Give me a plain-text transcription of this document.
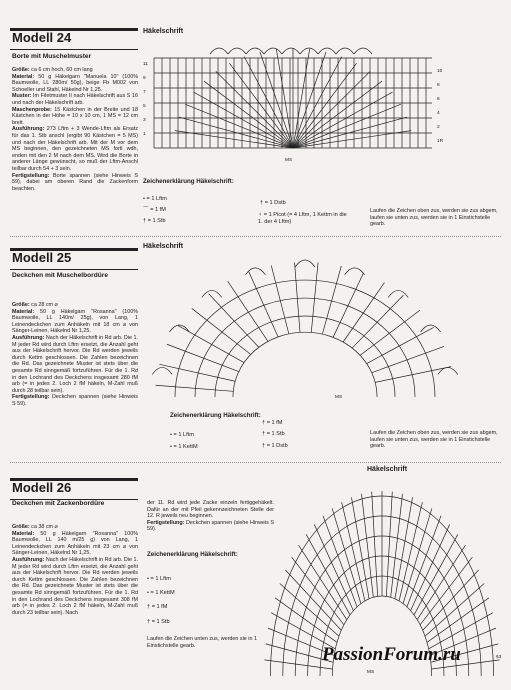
Modell 24
Borte mit Muschelmuster
Größe: ca 6 cm hoch, 60 cm lang
Material: 50 g Häkelgarn "Manuela 10" (100% Baumwolle, LL 280m/ 50g), beige Fb M002 von Schoeller und Stahl, Häkelnd Nr 1,25.
Muster: Im Filetmuster II nach Häkelschrift aus S 16 und nach der Häkelschrift arb.
Maschenprobe: 15 Kästchen in der Breite und 18 Kästchen in der Höhe = 10 x 10 cm, 1 MS = 12 cm breit.
Ausführung: 273 Lftm + 3 Wende-Lftm als Ersatz für das 1. Stb anschl (ergibt 90 Kästchen = 5 MS) und nach der Häkelschrift arb. Mit der M vor dem MS beginnen, den gezeichneten MS fortl wdh, enden mit den 2 M nach dem MS. Wird die Borte in anderer Länge gewünscht, so muß der Lftm-Anschl teilbar durch 54 + 3 sein.
Fertigstellung: Borte spannen (siehe Hinweis S 59), dabei am oberen Rand die Zackenform beachten.
Häkelschrift
11
9
7
5
3
1
10
8
6
4
2
1R
MS
Zeichenerklärung Häkelschrift:
• = 1 Lftm
⌒ = 1 fM
† = 1 Stb
† = 1 Dstb
♀ = 1 Picot (= 4 Lftm, 1 Kettm in die 1. der 4 Lftm)
Laufen die Zeichen oben zus, werden sie zus abgem, laufen sie unten zus, werden sie in 1 Einstichstelle gearb.
Häkelschrift
Modell 25
Deckchen mit Muschelbordüre
Größe: ca 28 cm ⌀
Material: 50 g Häkelgarn "Rosanna" (100% Baumwolle, LL 140m/ 25g), von Lang, 1 Leinendeckchen zum Anhäkeln mit 18 cm ⌀ von Sänger-Leinen, Häkelnd Nr 1,25.
Ausführung: Nach der Häkelschrift in Rd arb. Die 1. M jeder Rd wird durch Lftm ersetzt, die Anzahl geht aus der Häkelschrift hervor. Die Rd werden jeweils durch Kettm geschlossen. Die Zahlen bezeichnen die Rd. Das gezeichnete Muster ist stets über die gesamte Rd sinngemäß fortzuführen. Für die 1. Rd in den Lochrand des Deckchens insgesamt 280 fM arb (= in jedes 2. Loch 2 fM häkeln, M-Zahl muß durch 28 teilbar sein).
Fertigstellung: Deckchen spannen (siehe Hinweis S 59).
MS
Zeichenerklärung Häkelschrift:
• = 1 Lftm
• = 1 KettM
† = 1 fM
† = 1 Stb
† = 1 Dstb
Laufen die Zeichen oben zus, werden sie zus abgem, laufen sie unten zus, werden sie in 1 Einstichstelle gearb.
Häkelschrift
Modell 26
Deckchen mit Zackenbordüre
Größe: ca 38 cm ⌀
Material: 50 g Häkelgarn "Rosanna" 100% Baumwolle, LL 140 m/25 g) von Lang, 1 Leinendeckchen zum Anhäkeln mit 23 cm ⌀ von Sänger-Leinen, Häkelnd Nr 1,25.
Ausführung: Nach der Häkelschrift in Rd arb. Die 1. M jeder Rd wird durch Lftm ersetzt, die Anzahl geht aus der Häkelschrift hervor. Die Rd werden jeweils durch Kettm geschlossen. Die Zahlen bezeichnen die Rd. Das gezeichnete Muster ist stets über die gesamte Rd sinngemäß fortzuführen. Für die 1. Rd in den Lochrand des Deckchens insgesamt 308 fM arb (= in jedes 2. Loch 2 fM häkeln, M-Zahl muß durch 23 teilbar sein). Nach
der 11. Rd wird jede Zacke einzeln fertiggehäkelt. Dafür an der mit Pfeil gekennzeichneten Stelle der 12. R jeweils neu beginnen.
Fertigstellung: Deckchen spannen (siehe Hinweis S 59).
Zeichenerklärung Häkelschrift:
• = 1 Lftm
• = 1 KettM
† = 1 fM
† = 1 Stb
Laufen die Zeichen unten zus, werden sie in 1 Einstichstelle gearb.
MS
PassionForum.ru	63
